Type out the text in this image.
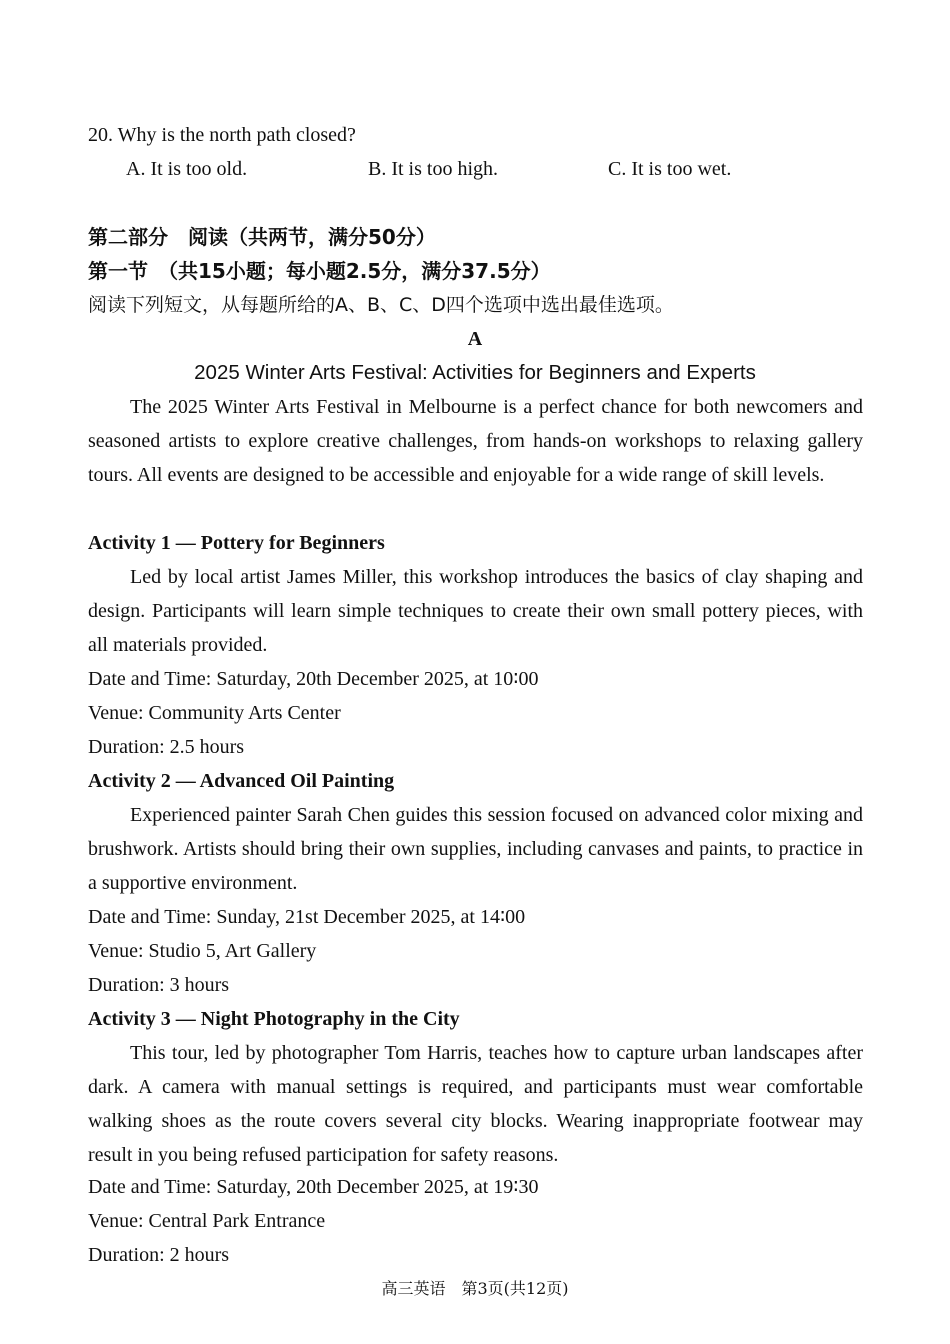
20. Why is the north path closed?
A. It is too old.	B. It is too high.	C. It is too wet.
第二部分　阅读（共两节，满分50分）
第一节　（共15小题；每小题2.5分，满分37.5分）
阅读下列短文，从每题所给的A、B、C、D四个选项中选出最佳选项。
A
2025 Winter Arts Festival: Activities for Beginners and Experts
The 2025 Winter Arts Festival in Melbourne is a perfect chance for both newcomers and seasoned artists to explore creative challenges, from hands-on workshops to relaxing gallery tours. All events are designed to be accessible and enjoyable for a wide range of skill levels.
Activity 1 — Pottery for Beginners
Led by local artist James Miller, this workshop introduces the basics of clay shaping and design. Participants will learn simple techniques to create their own small pottery pieces, with all materials provided.
Date and Time: Saturday, 20th December 2025, at 10∶00
Venue: Community Arts Center
Duration: 2.5 hours
Activity 2 — Advanced Oil Painting
Experienced painter Sarah Chen guides this session focused on advanced color mixing and brushwork. Artists should bring their own supplies, including canvases and paints, to practice in a supportive environment.
Date and Time: Sunday, 21st December 2025, at 14∶00
Venue: Studio 5, Art Gallery
Duration: 3 hours
Activity 3 — Night Photography in the City
This tour, led by photographer Tom Harris, teaches how to capture urban landscapes after dark. A camera with manual settings is required, and participants must wear comfortable walking shoes as the route covers several city blocks. Wearing inappropriate footwear may result in you being refused participation for safety reasons.
Date and Time: Saturday, 20th December 2025, at 19∶30
Venue: Central Park Entrance
Duration: 2 hours
高三英语　第3页(共12页)
